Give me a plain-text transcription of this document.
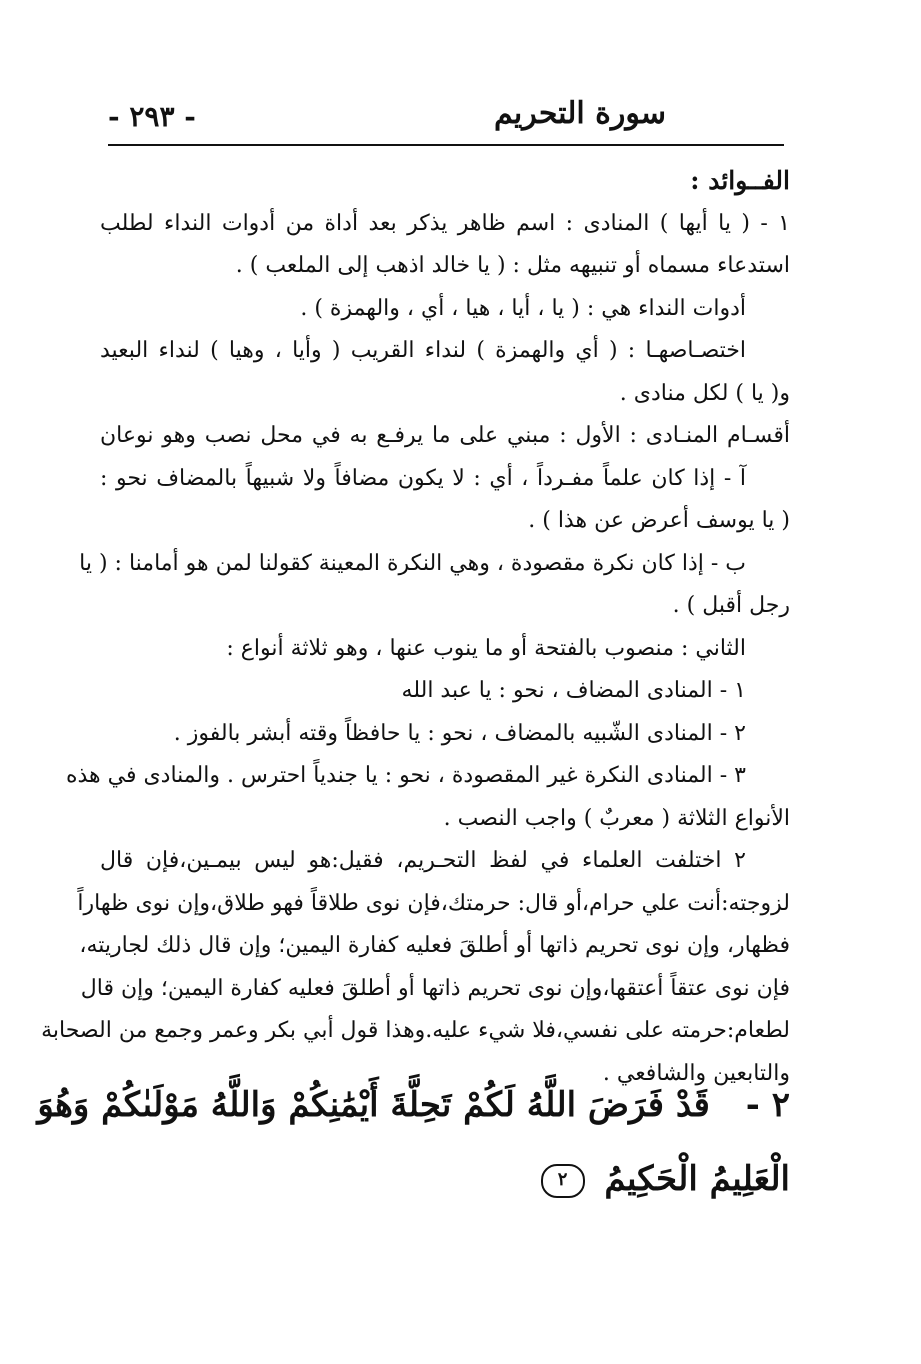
سورة التحريم
- ٢٩٣ -
الفــوائد :
١ - ( يا أيها ) المنادى : اسم ظاهر يذكر بعد أداة من أدوات النداء لطلب
استدعاء مسماه أو تنبيهه مثل : ( يا خالد اذهب إلى الملعب ) .
أدوات النداء هي : ( يا ، أيا ، هيا ، أي ، والهمزة ) .
اختصـاصهـا : ( أي والهمزة ) لنداء القريب ( وأيا ، وهيا ) لنداء البعيد
و( يا ) لكل منادى .
أقسـام المنـادى : الأول : مبني على ما يرفـع به في محل نصب وهو نوعان
آ - إذا كان علماً مفـرداً ، أي : لا يكون مضافاً ولا شبيهاً بالمضاف نحو :
( يا يوسف أعرض عن هذا ) .
ب - إذا كان نكرة مقصودة ، وهي النكرة المعينة كقولنا لمن هو أمامنا : ( يا
رجل أقبل ) .
الثاني : منصوب بالفتحة أو ما ينوب عنها ، وهو ثلاثة أنواع :
١ - المنادى المضاف ، نحو : يا عبد الله
٢ - المنادى الشّبيه بالمضاف ، نحو : يا حافظاً وقته أبشر بالفوز .
٣ - المنادى النكرة غير المقصودة ، نحو : يا جندياً احترس . والمنادى في هذه
الأنواع الثلاثة ( معربٌ ) واجب النصب .
٢ اختلفت العلماء في لفظ التحـريم، فقيل:هو ليس بيمـين،فإن قال
لزوجته:أنت علي حرام،أو قال: حرمتك،فإن نوى طلاقاً فهو طلاق،وإن نوى ظهاراً
فظهار، وإن نوى تحريم ذاتها أو أطلقَ فعليه كفارة اليمين؛ وإن قال ذلك لجاريته،
فإن نوى عتقاً أعتقها،وإن نوى تحريم ذاتها أو أطلقَ فعليه كفارة اليمين؛ وإن قال
لطعام:حرمته على نفسي،فلا شيء عليه.وهذا قول أبي بكر وعمر وجمع من الصحابة
والتابعين والشافعي .
٢ - قَدْ فَرَضَ اللَّهُ لَكُمْ تَحِلَّةَ أَيْمَٰنِكُمْ وَاللَّهُ مَوْلَىٰكُمْ وَهُوَ
الْعَلِيمُ الْحَكِيمُ ٢
